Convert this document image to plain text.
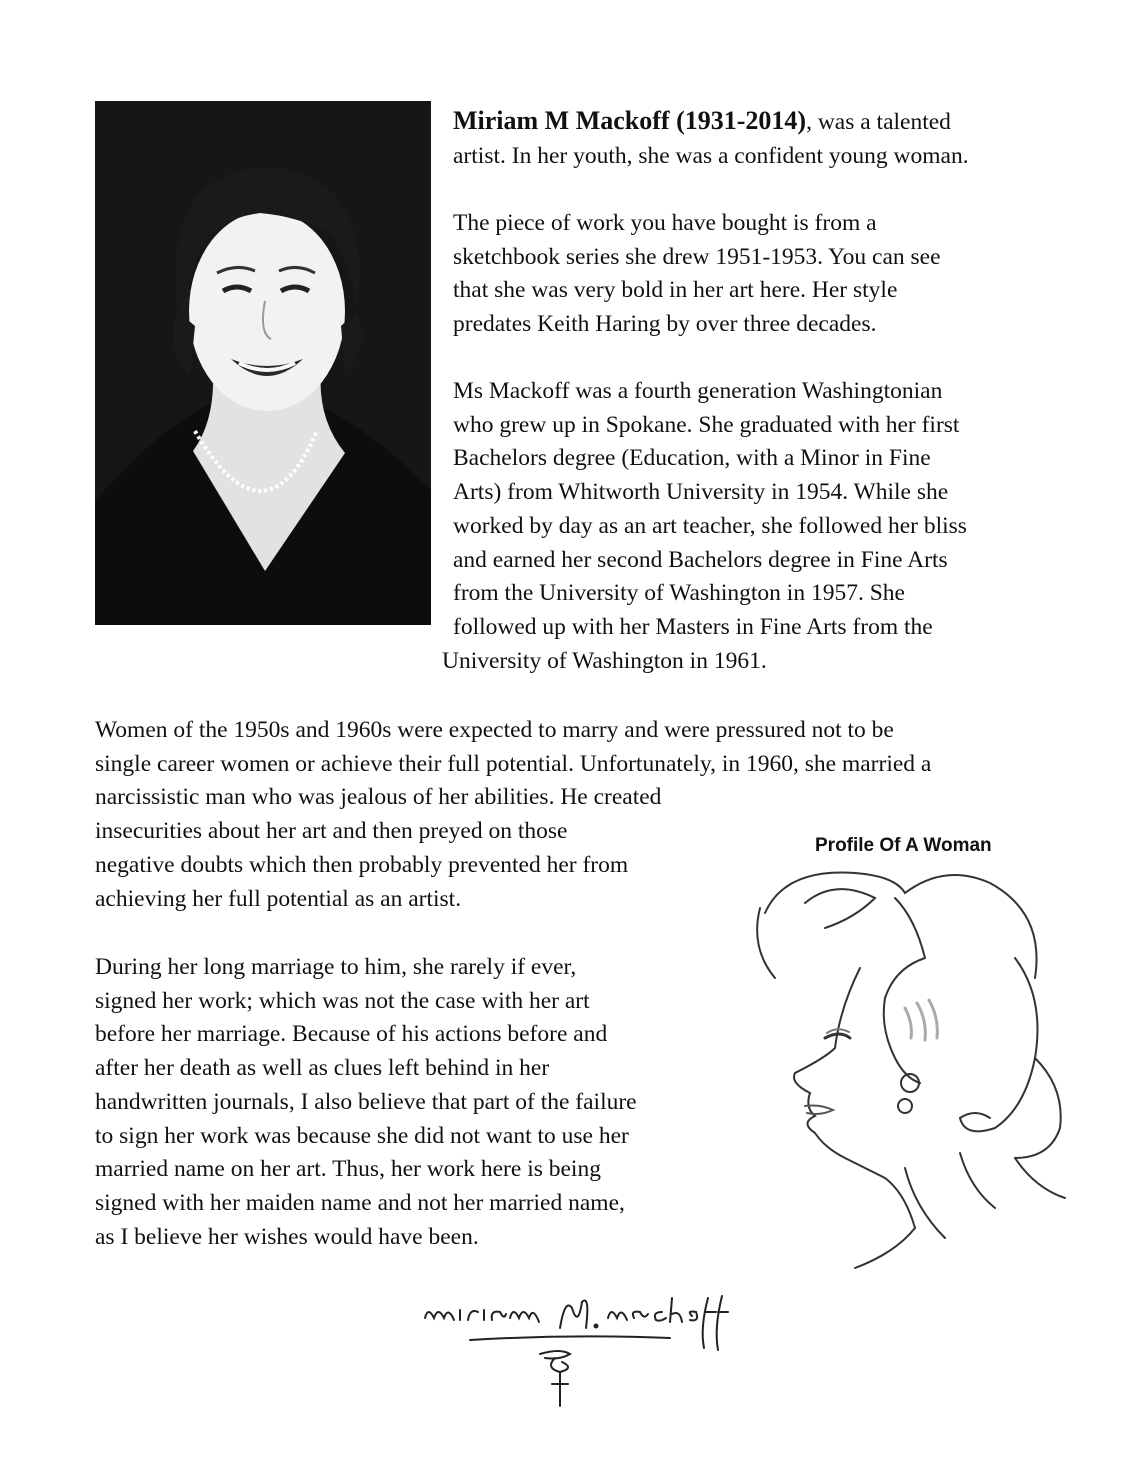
Miriam M Mackoff (1931-2014), was a talented
artist. In her youth, she was a confident young woman.

The piece of work you have bought is from a
sketchbook series she drew 1951-1953. You can see
that she was very bold in her art here. Her style
predates Keith Haring by over three decades.

Ms Mackoff was a fourth generation Washingtonian
who grew up in Spokane. She graduated with her first
Bachelors degree (Education, with a Minor in Fine
Arts) from Whitworth University in 1954. While she
worked by day as an art teacher, she followed her bliss
and earned her second Bachelors degree in Fine Arts
from the University of Washington in 1957. She
followed up with her Masters in Fine Arts from the
University of Washington in 1961.

Women of the 1950s and 1960s were expected to marry and were pressured not to be
single career women or achieve their full potential. Unfortunately, in 1960, she married a
narcissistic man who was jealous of her abilities. He created
insecurities about her art and then preyed on those
negative doubts which then probably prevented her from
achieving her full potential as an artist.

During her long marriage to him, she rarely if ever,
signed her work; which was not the case with her art
before her marriage. Because of his actions before and
after her death as well as clues left behind in her
handwritten journals, I also believe that part of the failure
to sign her work was because she did not want to use her
married name on her art. Thus, her work here is being
signed with her maiden name and not her married name,
as I believe her wishes would have been.

Profile Of A Woman
